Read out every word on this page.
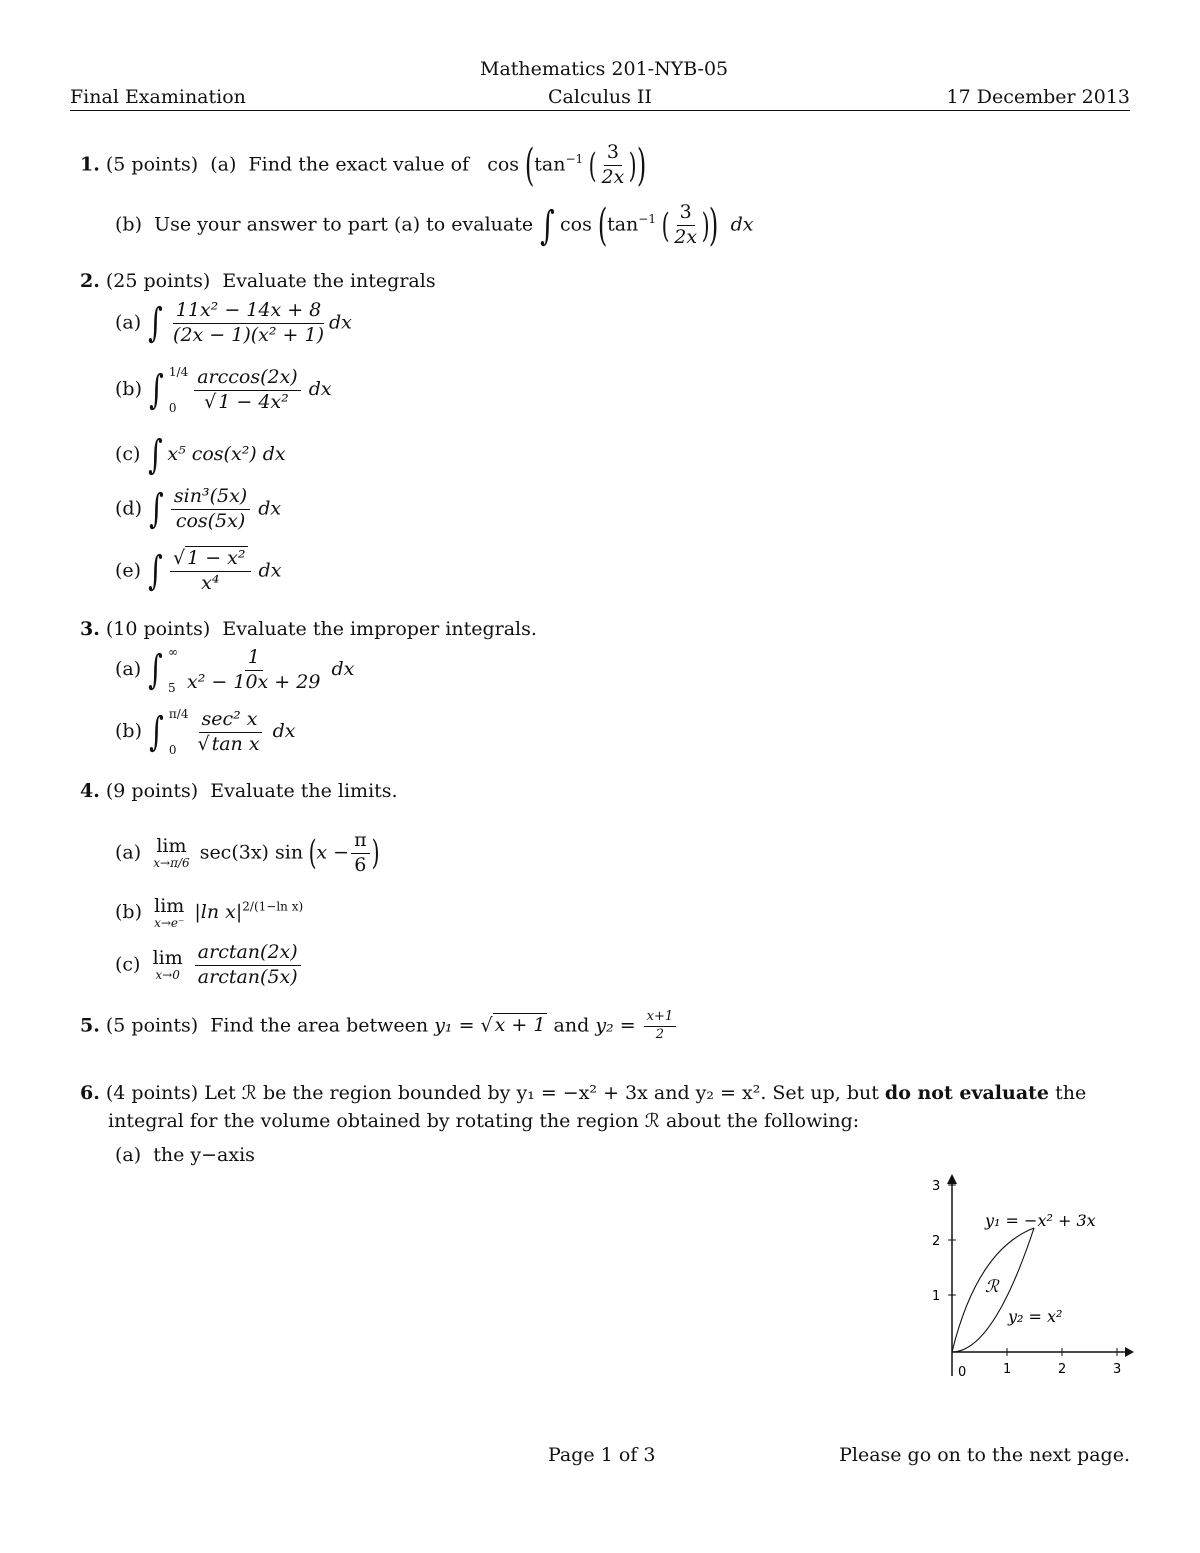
Mathematics 201-NYB-05
Final Examination	Calculus II	17 December 2013
1. (5 points) (a) Find the exact value of $\cos (\tan^{-1}$ ( $\frac{3}{2x}$ ))
(b) Use your answer to part (a) to evaluate ∫ $\cos (\tan^{-1}$ ( $\frac{3}{2x}$ )) dx
2. (25 points) Evaluate the integrals
(a) ∫ $\frac{\text{11x² − 14x + 8}}{\text{(2x − 1)(x² + 1)}}$ dx
(b) ∫ 1/4
$0 \frac{\arccos(2x)}{\text{√ 1 − 4x²}}$ dx
(c) ∫ x⁵ cos(x²) dx
(d) ∫ $\frac{\text{sin³(5x)}}{\cos(5x)}$ dx
(e) ∫ $\frac{\text{√ 1 − x²}}{\text{x⁴}}$ dx
3. (10 points) Evaluate the improper integrals.
(a) ∫ ∞
$5 \frac{1}{\text{x² − 10x + 29}}$ dx
(b) ∫ π/4
$0 \frac{\text{sec² x}}{\text{√ tan x}}$ dx
4. (9 points) Evaluate the limits.
(a) lim
x→π/6 sec(3x) $\sin (x - \frac{\pi}{6}$ )
(b) lim
x→e⁻ |ln $x|^{2/(1-ln x)}$
(c) lim
x→0
$\frac{\arctan(2x)}{\arctan(5x)}$
5. (5 points) Find the area between y₁ = √ x + 1 and $y_2 = \frac{x+1}{2}$
6. (4 points) Let ℛ be the region bounded by y₁ = −x² + 3x and y₂ = x². Set up, but do not evaluate the
integral for the volume obtained by rotating the region ℛ about the following:
(a) the y−axis
1
2
3
0	1	2	3
y₁ = −x² + 3x
y₂ = x²
ℛ
Page 1 of 3	Please go on to the next page.
